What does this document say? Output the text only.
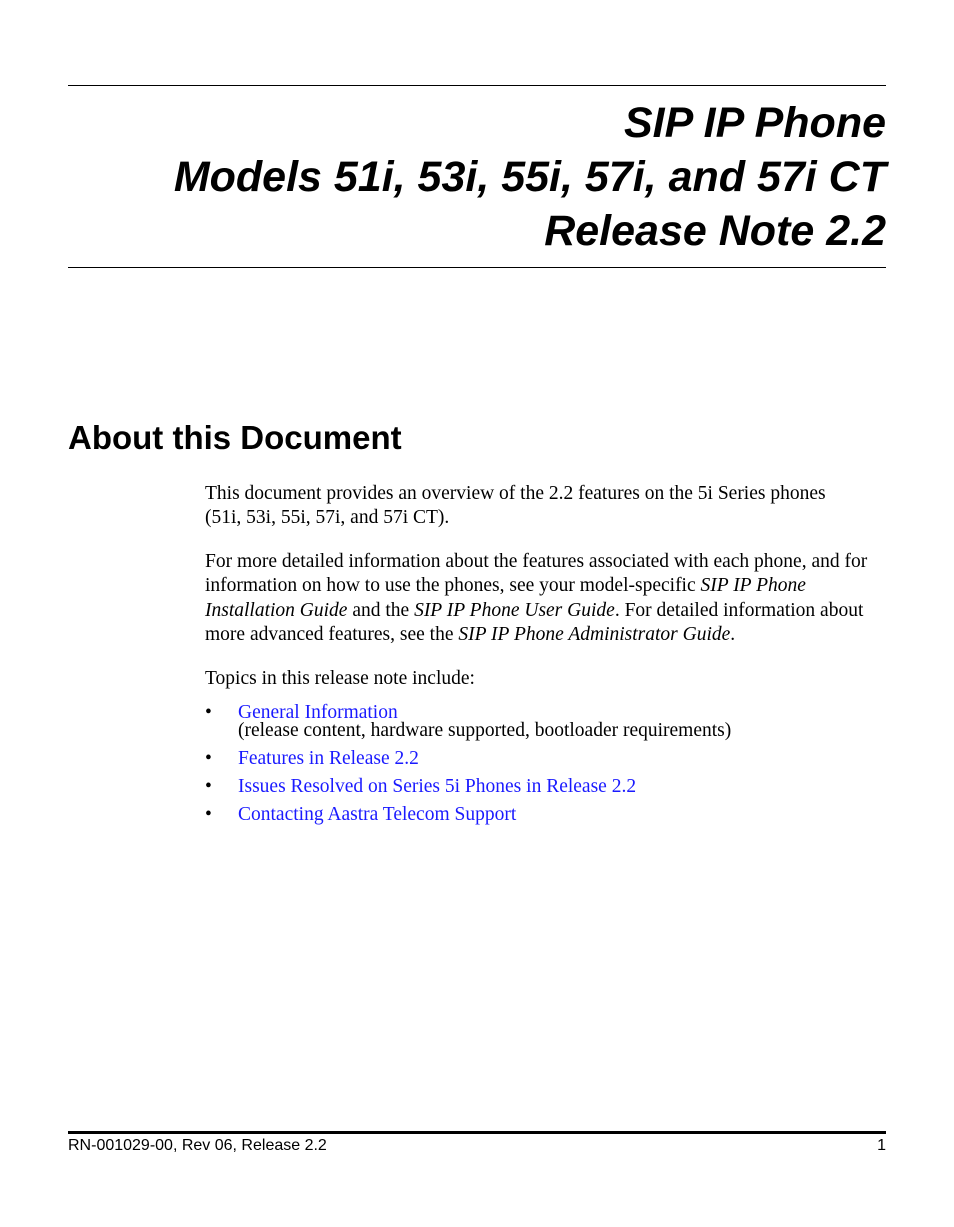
SIP IP Phone
Models 51i, 53i, 55i, 57i, and 57i CT
Release Note 2.2
About this Document

This document provides an overview of the 2.2 features on the 5i Series phones
(51i, 53i, 55i, 57i, and 57i CT).

For more detailed information about the features associated with each phone, and for information on how to use the phones, see your model-specific SIP IP Phone Installation Guide and the SIP IP Phone User Guide. For detailed information about more advanced features, see the SIP IP Phone Administrator Guide.

Topics in this release note include:

• General Information
(release content, hardware supported, bootloader requirements)
• Features in Release 2.2
• Issues Resolved on Series 5i Phones in Release 2.2
• Contacting Aastra Telecom Support
RN-001029-00, Rev 06, Release 2.2	1
